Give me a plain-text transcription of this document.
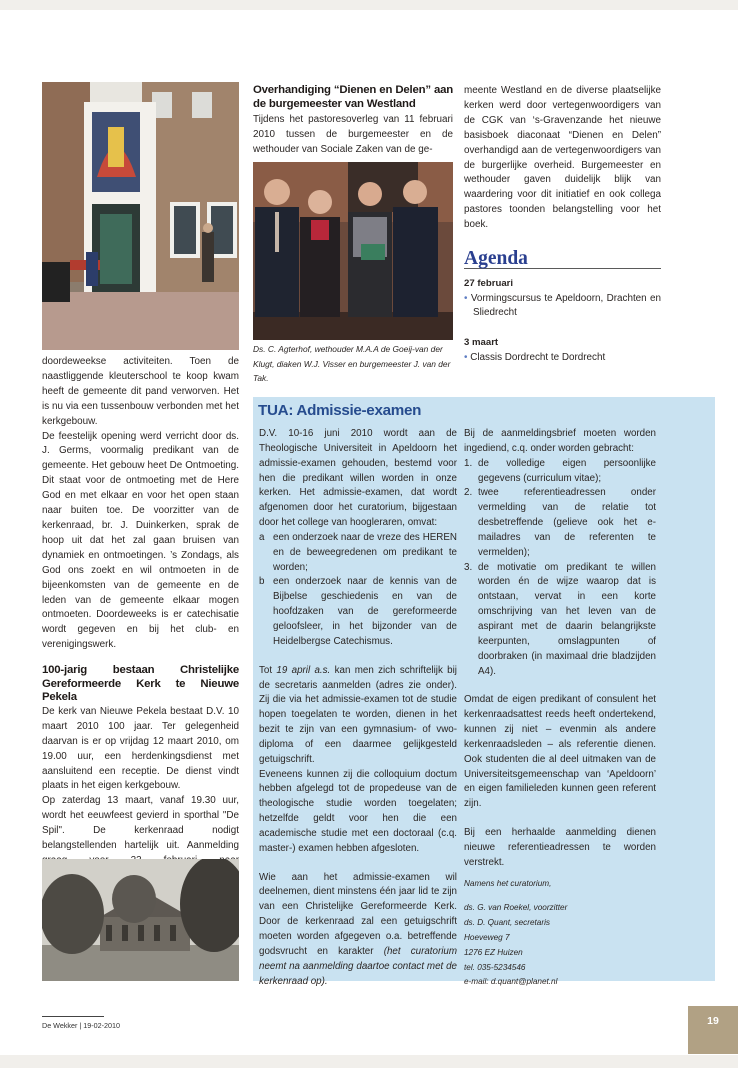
doordeweekse activiteiten. Toen de naastliggende kleuterschool te koop kwam heeft de gemeente dit pand verworven. Het is nu via een tussenbouw verbonden met het kerkgebouw.

De feestelijk opening werd verricht door ds. J. Germs, voormalig predikant van de gemeente. Het gebouw heet De Ontmoeting. Dit staat voor de ontmoeting met de Here God en met elkaar en voor het open staan naar buiten toe. De voorzitter van de kerkenraad, br. J. Duinkerken, sprak de hoop uit dat het zal gaan bruisen van dynamiek en ontmoetingen. ’s Zondags, als God ons zoekt en wil ontmoeten in de bijeenkomsten van de gemeente en de leden van de gemeente elkaar mogen ontmoeten. Doordeweeks is er catechisatie wordt gegeven en bij het club- en verenigingswerk.

100-jarig bestaan Christelijke Gereformeerde Kerk te Nieuwe Pekela

De kerk van Nieuwe Pekela bestaat D.V. 10 maart 2010 100 jaar. Ter gelegenheid daarvan is er op vrijdag 12 maart 2010, om 19.00 uur, een herdenkingsdienst met aansluitend een receptie. De dienst vindt plaats in het eigen kerkgebouw.

Op zaterdag 13 maart, vanaf 19.30 uur, wordt het eeuwfeest gevierd in sporthal "De Spil". De kerkenraad nodigt belangstellenden hartelijk uit. Aanmelding

Overhandiging “Dienen en Delen” aan de burgemeester van Westland

Tijdens het pastoresoverleg van 11 februari 2010 tussen de burgemeester en de wethouder van Sociale Zaken van de ge-

Ds. C. Agterhof, wethouder M.A.A de Goeij-van der Klugt, diaken W.J. Visser en burgemeester J. van der Tak.

meente Westland en de diverse plaatselijke kerken werd door vertegenwoordigers van de CGK van ‘s-Gravenzande het nieuwe basisboek diaconaat “Dienen en Delen” overhandigd aan de vertegenwoordigers van de burgerlijke overheid. Burgemeester en wethouder gaven duidelijk blijk van waardering voor dit initiatief en ook collega pastores toonden belangstelling voor het boek.

Agenda
27 februari
• Vormingscursus te Apeldoorn, Drachten en Sliedrecht
3 maart
• Classis Dordrecht te Dordrecht
TUA: Admissie-examen

D.V. 10-16 juni 2010 wordt aan de Theologische Universiteit in Apeldoorn het admissie-examen gehouden, bestemd voor hen die predikant willen worden in onze kerken. Het admissie-examen, dat wordt afgenomen door het curatorium, bijgestaan door het college van hoogleraren, omvat:

a een onderzoek naar de vreze des HEREN en de beweegredenen om predikant te worden;
b een onderzoek naar de kennis van de Bijbelse geschiedenis en van de hoofdzaken van de gereformeerde geloofsleer, in het bijzonder van de Heidelbergse Catechismus.

Tot 19 april a.s. kan men zich schriftelijk bij de secretaris aanmelden (adres zie onder). Zij die via het admissie-examen tot de studie hopen toegelaten te worden, dienen in het bezit te zijn van een gymnasium- of vwo-diploma of een daarmee gelijkgesteld getuigschrift.

Eveneens kunnen zij die colloquium doctum hebben afgelegd tot de propedeuse van de theologische studie worden toegelaten; hetzelfde geldt voor hen die een academische studie met een doctoraal (c.q. master-) examen hebben afgesloten.

Wie aan het admissie-examen wil deelnemen, dient minstens één jaar lid te zijn van een Christelijke Gereformeerde Kerk. Door de kerkenraad zal een getuigschrift moeten worden afgegeven o.a. betreffende godsvrucht en karakter (het curatorium neemt na aanmelding daartoe contact met de kerkenraad op).

Bij de aanmeldingsbrief moeten worden ingediend, c.q. onder worden gebracht:

1. de volledige eigen persoonlijke gegevens (curriculum vitae);
2. twee referentieadressen onder vermelding van de relatie tot desbetreffende (gelieve ook het e-mailadres van de referenten te vermelden);
3. de motivatie om predikant te willen worden én de wijze waarop dat is ontstaan, vervat in een korte omschrijving van het leven van de aspirant met de daarin belangrijkste keerpunten, omslagpunten of doorbraken (in maximaal drie bladzijden A4).

Omdat de eigen predikant of consulent het kerkenraadsattest reeds heeft ondertekend, kunnen zij niet – evenmin als andere kerkenraadsleden – als referentie dienen. Ook studenten die al deel uitmaken van de Universiteitsgemeenschap van ‘Apeldoorn’ en eigen familieleden kunnen geen referent zijn.

Bij een herhaalde aanmelding dienen nieuwe referentieadressen te worden verstrekt.

Namens het curatorium,
ds. G. van Roekel, voorzitter
ds. D. Quant, secretaris
Hoeveweg 7
1276 EZ Huizen
tel. 035-5234546
e-mail: d.quant@planet.nl
De Wekker | 19-02-2010	19
